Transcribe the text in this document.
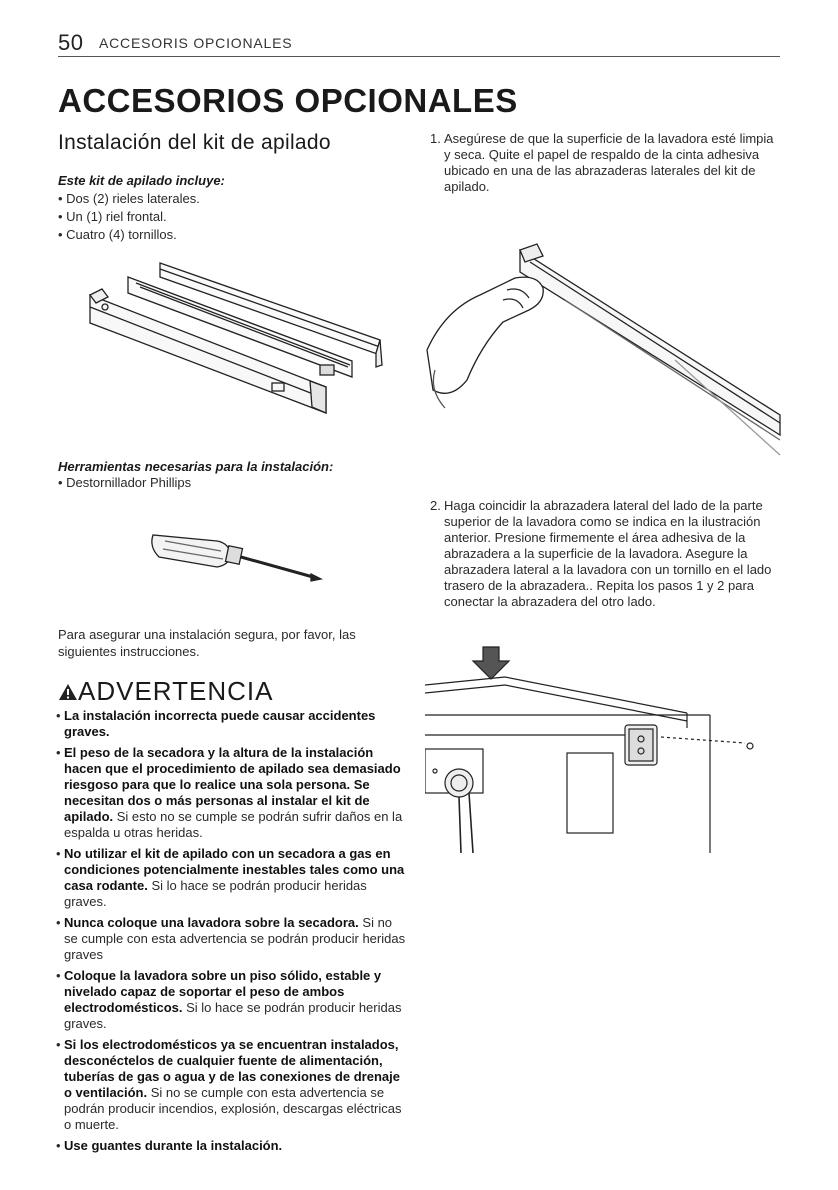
50 ACCESORIS OPCIONALES
ACCESORIOS OPCIONALES
Instalación del kit de apilado
Este kit de apilado incluye:
• Dos (2) rieles laterales.
• Un (1) riel frontal.
• Cuatro (4) tornillos.
Herramientas necesarias para la instalación:
• Destornillador Phillips
Para asegurar una instalación segura, por favor, las siguientes instrucciones.
ADVERTENCIA
• La instalación incorrecta puede causar accidentes graves.
• El peso de la secadora y la altura de la instalación hacen que el procedimiento de apilado sea demasiado riesgoso para que lo realice una sola persona. Se necesitan dos o más personas al instalar el kit de apilado. Si esto no se cumple se podrán sufrir daños en la espalda u otras heridas.
• No utilizar el kit de apilado con un secadora a gas en condiciones potencialmente inestables tales como una casa rodante. Si lo hace se podrán producir heridas graves.
• Nunca coloque una lavadora sobre la secadora. Si no se cumple con esta advertencia se podrán producir heridas graves
• Coloque la lavadora sobre un piso sólido, estable y nivelado capaz de soportar el peso de ambos electrodomésticos. Si lo hace se podrán producir heridas graves.
• Si los electrodomésticos ya se encuentran instalados, desconéctelos de cualquier fuente de alimentación, tuberías de gas o agua y de las conexiones de drenaje o ventilación. Si no se cumple con esta advertencia se podrán producir incendios, explosión, descargas eléctricas o muerte.
• Use guantes durante la instalación.
1. Asegúrese de que la superficie de la lavadora esté limpia y seca. Quite el papel de respaldo de la cinta adhesiva ubicado en una de las abrazaderas laterales del kit de apilado.
2. Haga coincidir la abrazadera lateral del lado de la parte superior de la lavadora como se indica en la ilustración anterior. Presione firmemente el área adhesiva de la abrazadera a la superficie de la lavadora. Asegure la abrazadera lateral a la lavadora con un tornillo en el lado trasero de la abrazadera.. Repita los pasos 1 y 2 para conectar la abrazadera del otro lado.
